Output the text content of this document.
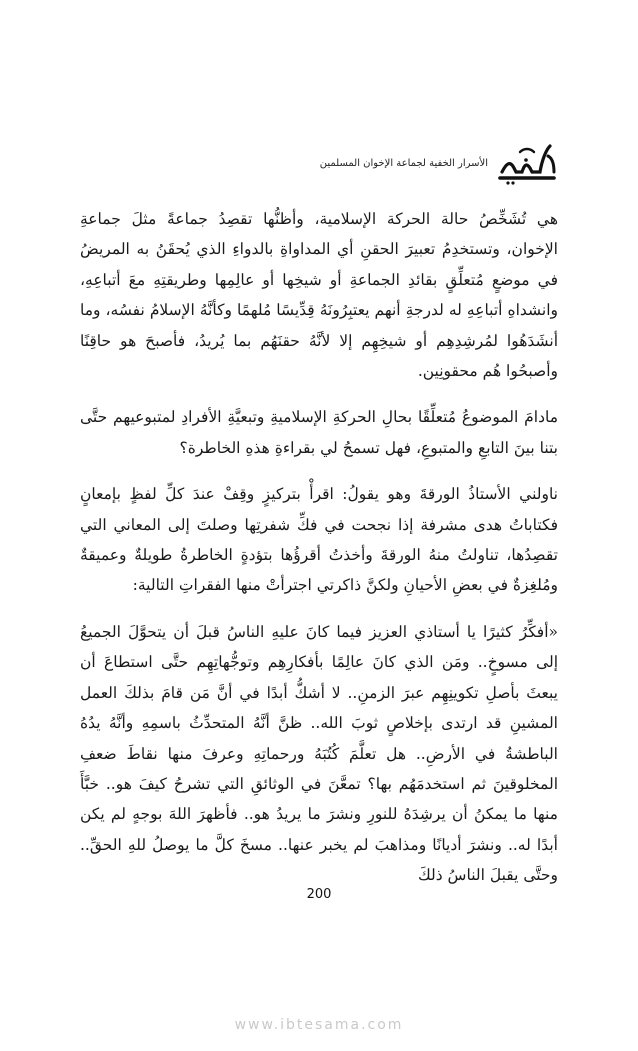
الأسرار الخفية لجماعة الإخوان المسلمين

هي تُشَخِّصُ حالة الحركة الإسلامية، وأظنُّها تقصِدُ جماعةً مثلَ جماعةِ الإخوان، وتستخدِمُ تعبيرَ الحقنِ أي المداواةِ بالدواءِ الذي يُحقَنُ به المريضُ في موضعٍ مُتعلِّقٍ بقائدِ الجماعةِ أو شيخِها أو عالِمِها وطريقتِهِ معَ أتباعِهِ، وانشداهِ أتباعِهِ له لدرجةِ أنهم يعتبِرُونَهُ قِدِّيسًا مُلهمًا وكأنَّهُ الإسلامُ نفسُه، وما أنشَدَهُوا لمُرشِدِهِم أو شيخِهِم إلا لأنَّهُ حقنَهُم بما يُريدُ، فأصبحَ هو حاقِنًا وأصبحُوا هُم محقونِين.

مادامَ الموضوعُ مُتعلِّقًا بحالِ الحركةِ الإسلاميةِ وتبعيَّةِ الأفرادِ لمتبوعيهم حتَّى بتنا بينَ التابعِ والمتبوعِ، فهل تسمحُ لي بقراءةِ هذهِ الخاطرة؟

ناولني الأستاذُ الورقةَ وهو يقولُ: اقرأْ بتركيزٍ وقِفْ عندَ كلِّ لفظٍ بإمعانٍ فكتاباتُ هدى مشرفة إذا نجحت في فكِّ شفرتِها وصلتَ إلى المعاني التي تقصِدُها، تناولتُ منهُ الورقةَ وأخذتُ أقرؤُها بتؤدةٍ الخاطرةُ طويلةٌ وعميقةٌ ومُلغِزةٌ في بعضِ الأحيانِ ولكنَّ ذاكرتي اجترأتْ منها الفقراتِ التالية:

«أفكِّرُ كثيرًا يا أستاذي العزيز فيما كانَ عليهِ الناسُ قبلَ أن يتحوَّلَ الجميعُ إلى مسوخٍ.. ومَن الذي كانَ عالِمًا بأفكارِهِم وتوجُّهاتِهِم حتَّى استطاعَ أن يبعثَ بأصلِ تكوينِهِم عبرَ الزمنِ.. لا أشكُّ أبدًا في أنَّ مَن قامَ بذلكَ العمل المشينِ قد ارتدى بإخلاصٍ ثوبَ الله.. ظنَّ أنَّهُ المتحدِّثُ باسمِهِ وأنَّهُ يدُهُ الباطشةُ في الأرضِ.. هل تعلَّمَ كُتُبَهُ ورحماتِهِ وعرفَ منها نقاطَ ضعفِ المخلوقينَ ثم استخدمَهُم بها؟ تمعَّنَ في الوثائقِ التي تشرحُ كيفَ هو.. خبَّأَ منها ما يمكنُ أن يرشِدَهُ للنورِ ونشرَ ما يريدُ هو.. فأظهرَ اللهَ بوجهٍ لم يكن أبدًا له.. ونشرَ أديانًا ومذاهبَ لم يخبر عنها.. مسخَ كلَّ ما يوصلُ للهِ الحقِّ.. وحتَّى يقبلَ الناسُ ذلكَ

200
www.ibtesama.com
